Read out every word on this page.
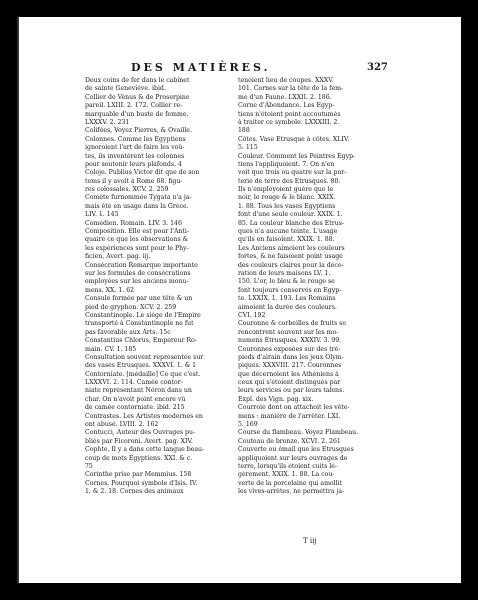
DES MATIÈRES.	327
Deux coins de fer dans le cabinet
de sainte Geneviève. ibid.
Collier de Vénus & de Proserpine
pareil. LXIII. 2. 172. Collier re-
marquable d'un buste de femme.
LXXXV. 2. 231
Colifées, Voyez Pierres, & Ovaille.
Colonnes. Comme les Egyptiens
ignoroient l'art de faire les voû-
tes, ils inventèrent les colonnes
pour soutenir leurs plafonds. 4
Coloje. Publius Victor dit que de son
tems il y avoit à Rome 88. figu-
res colossales. XCV. 2. 259
Comète furnommée Tygata n'a ja-
mais été en usage dans la Grèce.
LIV. 1. 145
Comédien. Romain. LIV. 3. 146
Composition. Elle est pour l'Anti-
quaire ce que les observations &
les expériences sont pour le Phy-
ficien, Avert. pag. iij.
Consécration Remarque importante
sur les formules de consécrations
employées sur les anciens monu-
mens. XX. 1. 62
Consule formée par une tête & un
pied de gryphon. XCV. 2. 259
Constantinople. Le siège de l'Empire
transporté à Constantinople ne fut
pas favorable aux Arts. 15c
Constantius Chlorus, Empereur Ro-
main. CV. 1. 185
Consultation souvent représentée sur
des vases Etrusques. XXXVI. 1. & 1
Contorniate. [médaille] Ce que c'est.
LXXXVI. 2. 114. Camée contor-
niate représentant Néron dans un
char. On n'avoit point encore vû
de camée contorniate. ibid. 215
Contrastes. Les Artistes modernes en
ont abusé. LVIII. 2. 162
Contucci, Auteur des Ouvrages pu-
bliés par Ficoroni. Avert. pag. XIV.
Cophte. Il y a dans cette langue beau-
coup de mots Egyptiens. XXI. & c.
75
Corinthe prise par Memmius. 158
Cornes. Pourquoi symbole d'Isis. IV.
1. & 2. 18. Cornes des animaux
tenoient lieu de coupes. XXXV.
101. Cornes sur la tête de la fem-
me d'un Faune. LXXII. 2. 186.
Corne d'Abondance. Les Egyp-
tiens n'étoient point accoutumés
à traiter ce symbole. LXXXIII. 2.
188
Côtes. Vase Etrusque à côtes. XLIV.
5. 115
Couleur. Comment les Peintres Egyp-
tiens l'appliquoient. 7. On n'en
voit que trois ou quatre sur la por-
terie de terre des Etrusques. 80.
Ils n'employoient guère que le
noir, le rouge & le blanc. XXIX.
1. 88. Tous les vases Egyptiens
font d'une seule couleur. XXIX. 1.
85. La couleur blanche des Etrus-
ques n'a aucune teinte. L'usage
qu'ils en faisoient. XXIX. 1. 88.
Les Anciens aimoient les couleurs
fortes, & ne faisoient point usage
des couleurs claires pour la déco-
ration de leurs maisons LV. 1.
150. L'or, le bleu & le rouge se
font toujours conservés en Egyp-
te. LXXIX. 1. 193. Les Romains
aimoient la durée des couleurs.
CVI. 192
Couronne & corbeilles de fruits se
rencontrent souvent sur les mo-
numens Etrusques. XXXIV. 3. 99.
Couronnes exposées sur des tré-
pieds d'airain dans les jeux Olym-
piques. XXXVIII. 217. Couronnes
que décernoient les Athéniens à
ceux qui s'étoient distingués par
leurs services ou par leurs talens.
Expl. des Vign. pag. xix.
Courroie dont on attachoit les vête-
mens : manière de l'arrêter. LXI.
5. 169
Course du flambeau. Voyez Flambeau.
Couteau de bronze. XCVI. 2. 261
Couverte ou émail que les Etrusques
appliquoient sur leurs ouvrages de
terre, lorsqu'ils étoient cuits lé-
gèrement. XXIX. 1. 88. La cou-
verte de la porcelaine qui amollit
les vives-arrêtes, ne permettra ja-
T iij
